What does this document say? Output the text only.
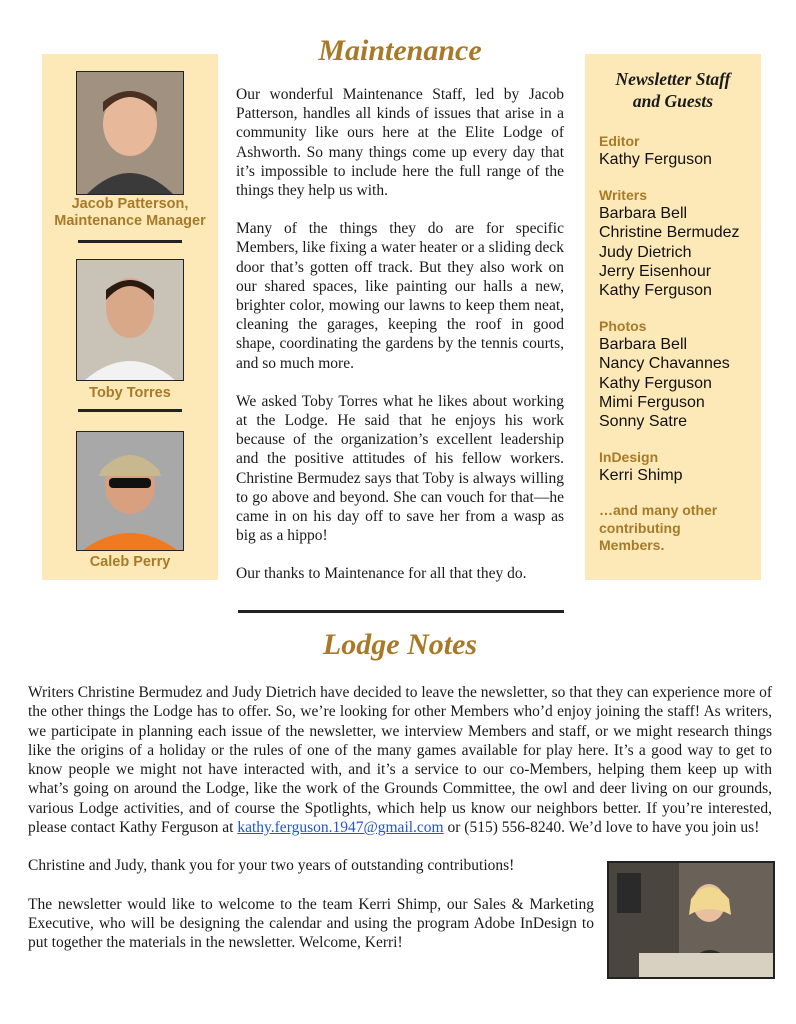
Jacob Patterson,
Maintenance Manager
Toby Torres
Caleb Perry
Maintenance

Our wonderful Maintenance Staff, led by Jacob Patterson, handles all kinds of issues that arise in a community like ours here at the Elite Lodge of Ashworth. So many things come up every day that it’s impossible to include here the full range of the things they help us with.

Many of the things they do are for specific Members, like fixing a water heater or a sliding deck door that’s gotten off track. But they also work on our shared spaces, like painting our halls a new, brighter color, mowing our lawns to keep them neat, cleaning the garages, keeping the roof in good shape, coordinating the gardens by the tennis courts, and so much more.

We asked Toby Torres what he likes about working at the Lodge. He said that he enjoys his work because of the organization’s excellent leadership and the positive attitudes of his fellow workers. Christine Bermudez says that Toby is always willing to go above and beyond. She can vouch for that—he came in on his day off to save her from a wasp as big as a hippo!

Our thanks to Maintenance for all that they do.

Newsletter Staff
and Guests
Editor
Kathy Ferguson
Writers
Barbara Bell
Christine Bermudez
Judy Dietrich
Jerry Eisenhour
Kathy Ferguson
Photos
Barbara Bell
Nancy Chavannes
Kathy Ferguson
Mimi Ferguson
Sonny Satre
InDesign
Kerri Shimp
…and many other
contributing
Members.
Lodge Notes

Writers Christine Bermudez and Judy Dietrich have decided to leave the newsletter, so that they can experience more of the other things the Lodge has to offer. So, we’re looking for other Members who’d enjoy joining the staff! As writers, we participate in planning each issue of the newsletter, we interview Members and staff, or we might research things like the origins of a holiday or the rules of one of the many games available for play here. It’s a good way to get to know people we might not have interacted with, and it’s a service to our co-Members, helping them keep up with what’s going on around the Lodge, like the work of the Grounds Committee, the owl and deer living on our grounds, various Lodge activities, and of course the Spotlights, which help us know our neighbors better. If you’re interested, please contact Kathy Ferguson at kathy.ferguson.1947@gmail.com or (515) 556-8240. We’d love to have you join us!

Christine and Judy, thank you for your two years of outstanding contributions!

The newsletter would like to welcome to the team Kerri Shimp, our Sales & Marketing Executive, who will be designing the calendar and using the program Adobe InDesign to put together the materials in the newsletter. Welcome, Kerri!
